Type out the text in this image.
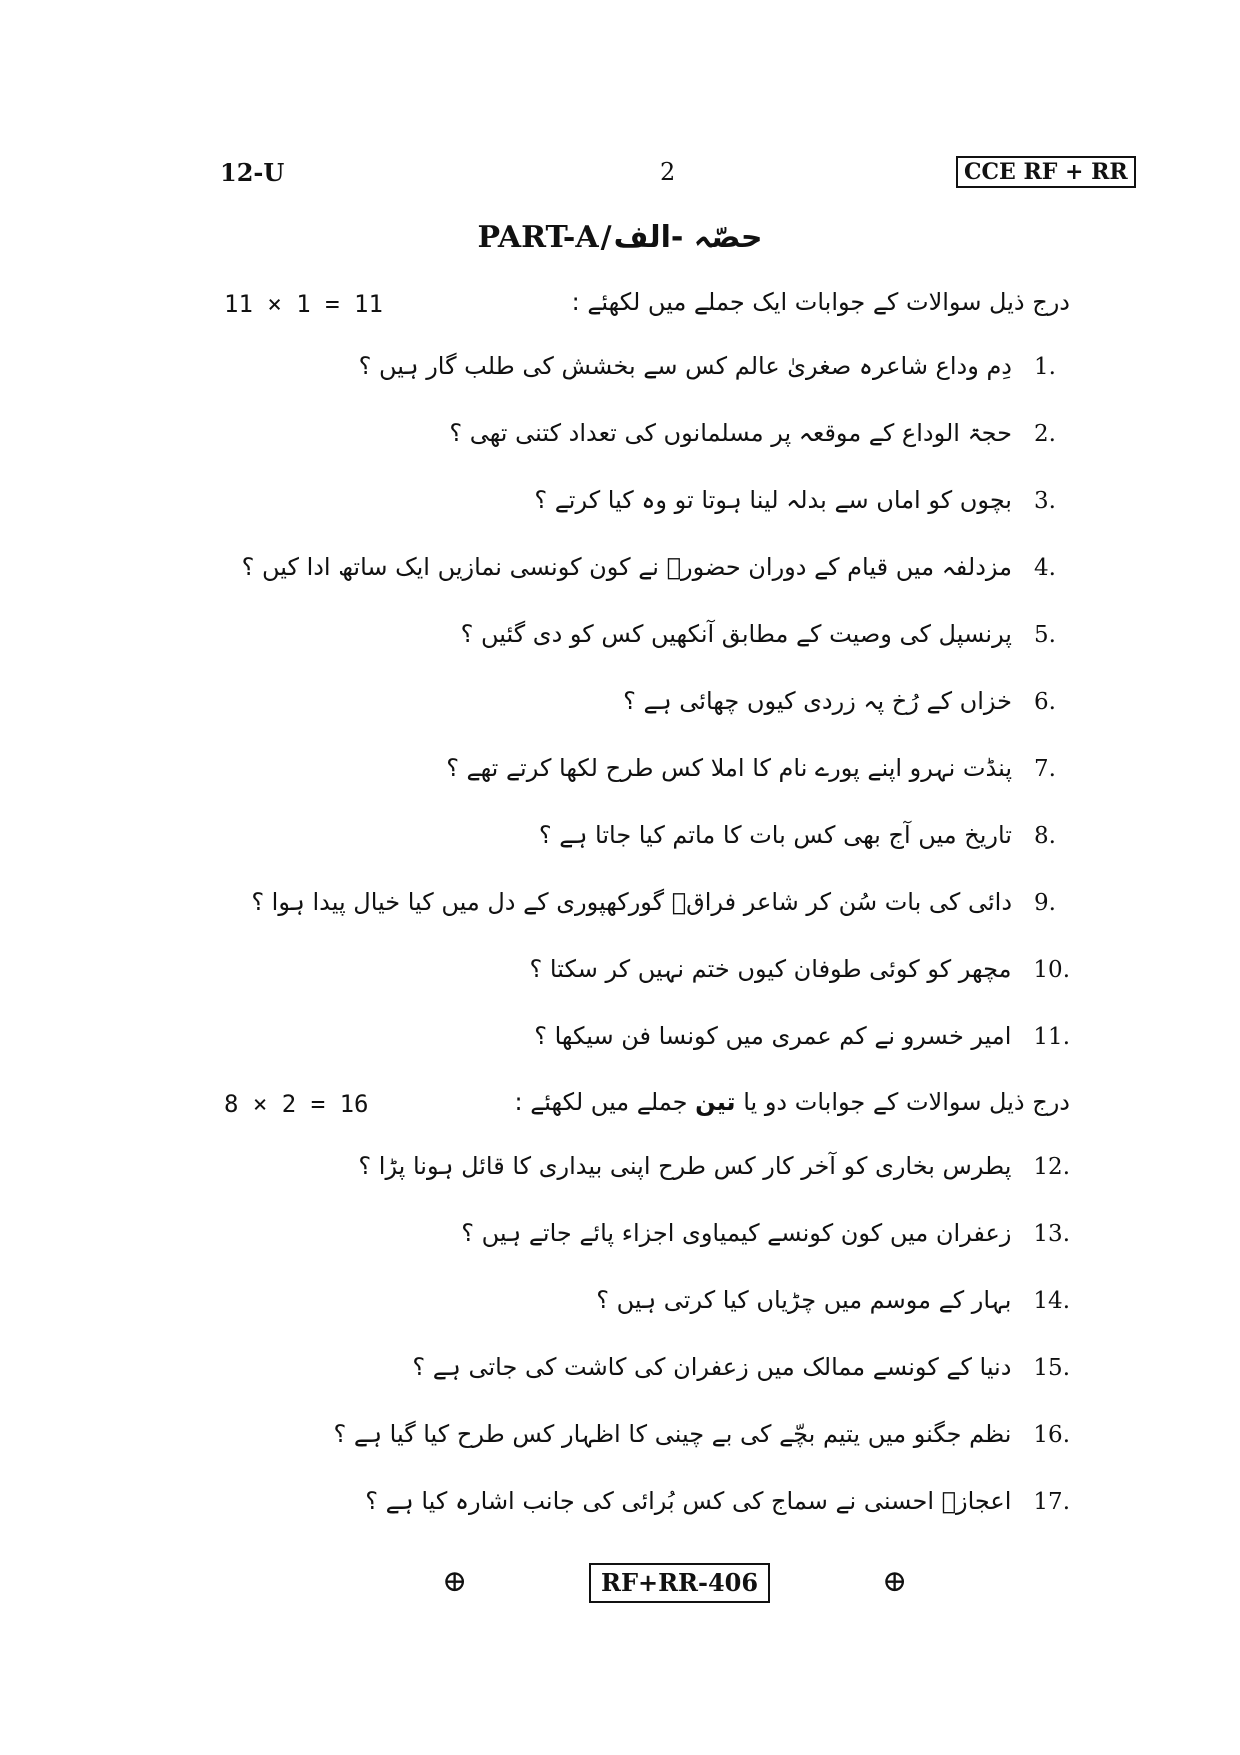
12-U	2	CCE RF + RR
PART-A/حصّہ -الف
درج ذیل سوالات کے جوابات ایک جملے میں لکھئے :
11 × 1 = 11
1.
دِم وداع شاعرہ صغریٰ عالم کس سے بخشش کی طلب گار ہیں ؟
2.
حجۃ الوداع کے موقعہ پر مسلمانوں کی تعداد کتنی تھی ؟
3.
بچوں کو اماں سے بدلہ لینا ہوتا تو وہ کیا کرتے ؟
4.
مزدلفہ میں قیام کے دوران حضورؐ نے کون کونسی نمازیں ایک ساتھ ادا کیں ؟
5.
پرنسپل کی وصیت کے مطابق آنکھیں کس کو دی گئیں ؟
6.
خزاں کے رُخ پہ زردی کیوں چھائی ہے ؟
7.
پنڈت نہرو اپنے پورے نام کا املا کس طرح لکھا کرتے تھے ؟
8.
تاریخ میں آج بھی کس بات کا ماتم کیا جاتا ہے ؟
9.
دائی کی بات سُن کر شاعر فراقؔ گورکھپوری کے دل میں کیا خیال پیدا ہوا ؟
10.
مچھر کو کوئی طوفان کیوں ختم نہیں کر سکتا ؟
11.
امیر خسرو نے کم عمری میں کونسا فن سیکھا ؟
درج ذیل سوالات کے جوابات دو یا تین جملے میں لکھئے :
8 × 2 = 16
12.
پطرس بخاری کو آخر کار کس طرح اپنی بیداری کا قائل ہونا پڑا ؟
13.
زعفران میں کون کونسے کیمیاوی اجزاء پائے جاتے ہیں ؟
14.
بہار کے موسم میں چڑیاں کیا کرتی ہیں ؟
15.
دنیا کے کونسے ممالک میں زعفران کی کاشت کی جاتی ہے ؟
16.
نظم جگنو میں یتیم بچّے کی بے چینی کا اظہار کس طرح کیا گیا ہے ؟
17.
اعجازؔ احسنی نے سماج کی کس بُرائی کی جانب اشارہ کیا ہے ؟
⊕	RF+RR-406	⊕
